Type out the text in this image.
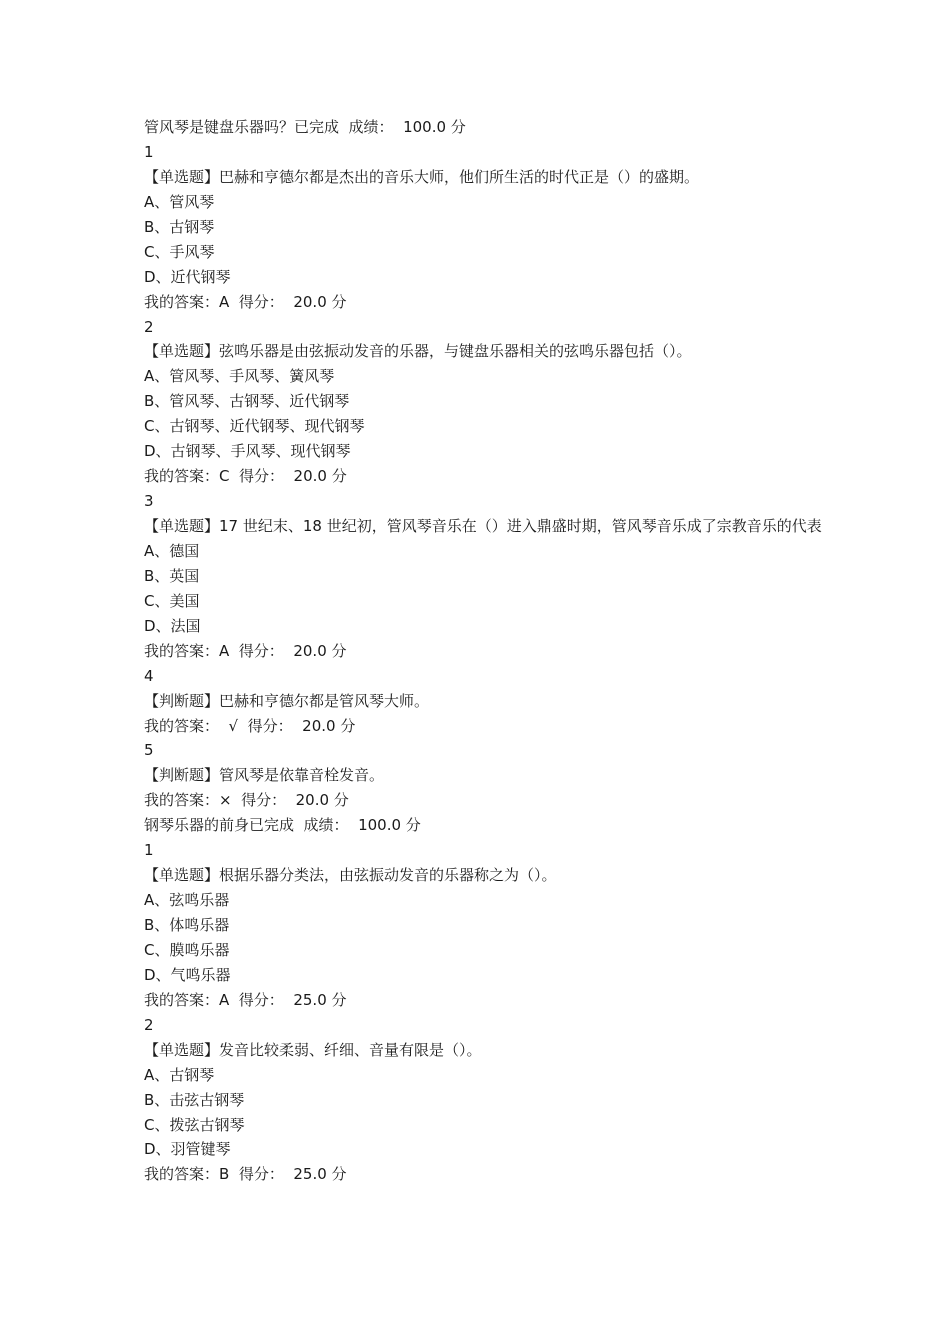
管风琴是键盘乐器吗？已完成  成绩：  100.0 分
1
【单选题】巴赫和亨德尔都是杰出的音乐大师，他们所生活的时代正是（）的盛期。
A、管风琴
B、古钢琴
C、手风琴
D、近代钢琴
我的答案：A  得分：  20.0 分
2
【单选题】弦鸣乐器是由弦振动发音的乐器，与键盘乐器相关的弦鸣乐器包括（）。
A、管风琴、手风琴、簧风琴
B、管风琴、古钢琴、近代钢琴
C、古钢琴、近代钢琴、现代钢琴
D、古钢琴、手风琴、现代钢琴
我的答案：C  得分：  20.0 分
3
【单选题】17 世纪末、18 世纪初，管风琴音乐在（）进入鼎盛时期，管风琴音乐成了宗教音乐的代表
A、德国
B、英国
C、美国
D、法国
我的答案：A  得分：  20.0 分
4
【判断题】巴赫和亨德尔都是管风琴大师。
我的答案：  √  得分：  20.0 分
5
【判断题】管风琴是依靠音栓发音。
我的答案：×  得分：  20.0 分
钢琴乐器的前身已完成  成绩：  100.0 分
1
【单选题】根据乐器分类法，由弦振动发音的乐器称之为（）。
A、弦鸣乐器
B、体鸣乐器
C、膜鸣乐器
D、气鸣乐器
我的答案：A  得分：  25.0 分
2
【单选题】发音比较柔弱、纤细、音量有限是（）。
A、古钢琴
B、击弦古钢琴
C、拨弦古钢琴
D、羽管键琴
我的答案：B  得分：  25.0 分
